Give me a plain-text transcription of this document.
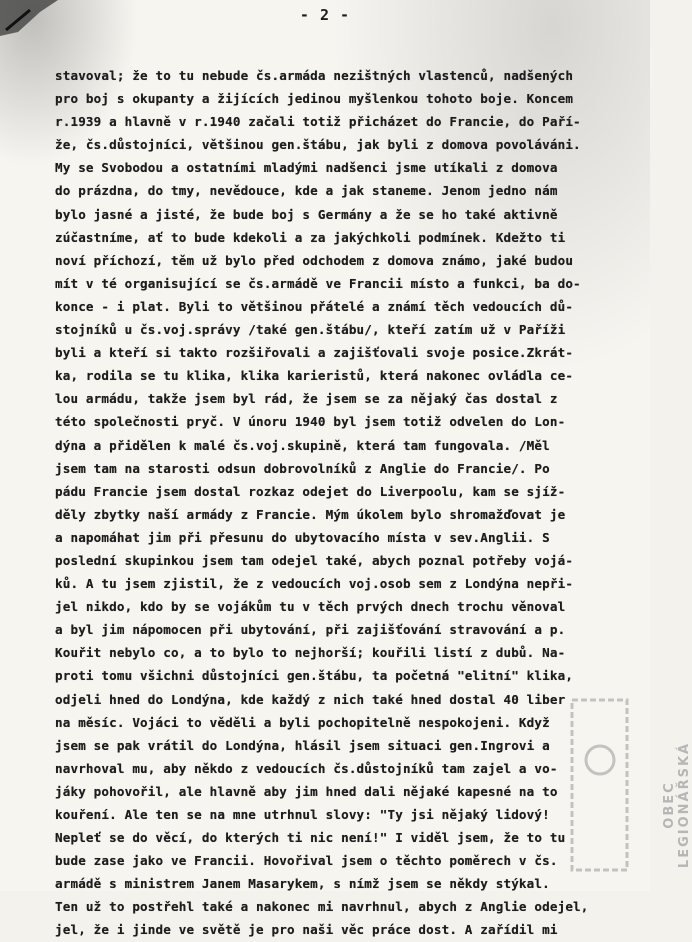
- 2 -
stavoval; že to tu nebude čs.armáda nezištných vlastenců, nadšených
pro boj s okupanty a žijících jedinou myšlenkou tohoto boje. Koncem
r.1939 a hlavně v r.1940 začali totiž přicházet do Francie, do Paří-
že, čs.důstojníci, většinou gen.štábu, jak byli z domova povoláváni.
My se Svobodou a ostatními mladými nadšenci jsme utíkali z domova
do prázdna, do tmy, nevědouce, kde a jak staneme. Jenom jedno nám
bylo jasné a jisté, že bude boj s Germány a že se ho také aktivně
zúčastníme, ať to bude kdekoli a za jakýchkoli podmínek. Kdežto ti
noví příchozí, těm už bylo před odchodem z domova známo, jaké budou
mít v té organisující se čs.armádě ve Francii místo a funkci, ba do-
konce - i plat. Byli to většinou přátelé a známí těch vedoucích dů-
stojníků u čs.voj.správy /také gen.štábu/, kteří zatím už v Paříži
byli a kteří si takto rozšiřovali a zajišťovali svoje posice.Zkrát-
ka, rodila se tu klika, klika karieristů, která nakonec ovládla ce-
lou armádu, takže jsem byl rád, že jsem se za nějaký čas dostal z
této společnosti pryč. V únoru 1940 byl jsem totiž odvelen do Lon-
dýna a přidělen k malé čs.voj.skupině, která tam fungovala. /Měl
jsem tam na starosti odsun dobrovolníků z Anglie do Francie/. Po
pádu Francie jsem dostal rozkaz odejet do Liverpoolu, kam se sjíž-
děly zbytky naší armády z Francie. Mým úkolem bylo shromažďovat je
a napomáhat jim při přesunu do ubytovacího místa v sev.Anglii. S
poslední skupinkou jsem tam odejel také, abych poznal potřeby vojá-
ků. A tu jsem zjistil, že z vedoucích voj.osob sem z Londýna nepři-
jel nikdo, kdo by se vojákům tu v těch prvých dnech trochu věnoval
a byl jim nápomocen při ubytování, při zajišťování stravování a p.
Kouřit nebylo co, a to bylo to nejhorší; kouřili listí z dubů. Na-
proti tomu všichni důstojníci gen.štábu, ta početná "elitní" klika,
odjeli hned do Londýna, kde každý z nich také hned dostal 40 liber
na měsíc. Vojáci to věděli a byli pochopitelně nespokojeni. Když
jsem se pak vrátil do Londýna, hlásil jsem situaci gen.Ingrovi a
navrhoval mu, aby někdo z vedoucích čs.důstojníků tam zajel a vo-
jáky pohovořil, ale hlavně aby jim hned dali nějaké kapesné na to
kouření. Ale ten se na mne utrhnul slovy: "Ty jsi nějaký lidový!
Nepleť se do věcí, do kterých ti nic není!" I viděl jsem, že to tu
bude zase jako ve Francii. Hovořival jsem o těchto poměrech v čs.
armádě s ministrem Janem Masarykem, s nímž jsem se někdy stýkal.
Ten už to postřehl také a nakonec mi navrhnul, abych z Anglie odejel,
jel, že i jinde ve světě je pro naši věc práce dost. A zařídil mi
OBEC LEGIONÁŘSKÁ
